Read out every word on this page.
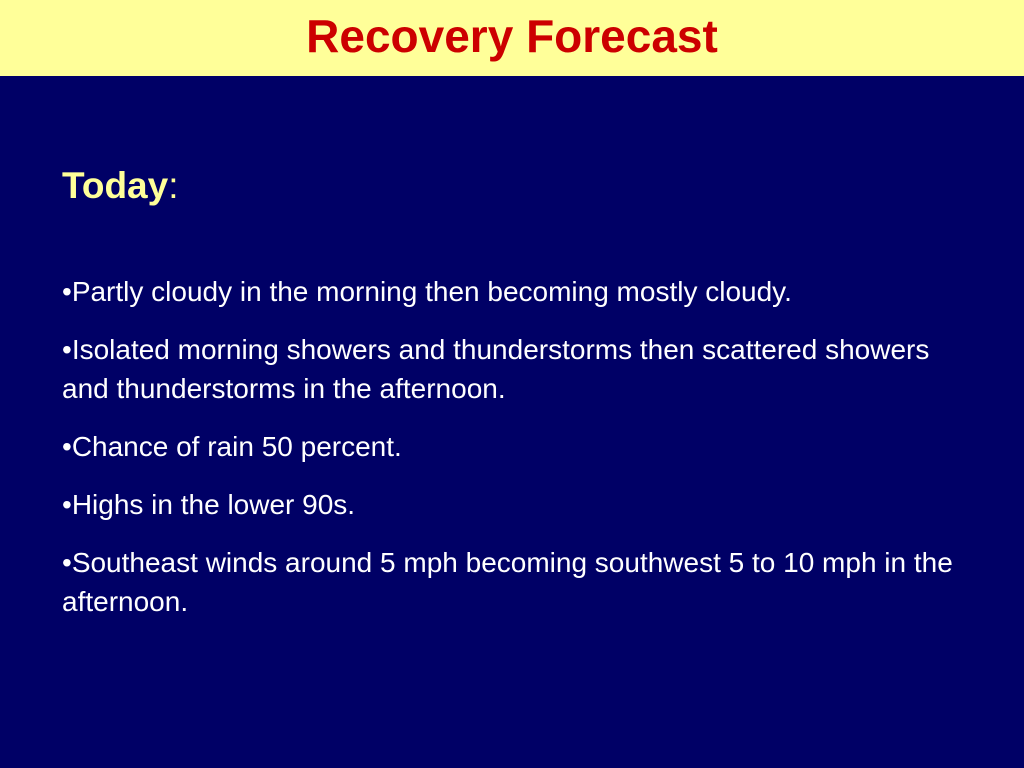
Recovery Forecast
Today:
•Partly cloudy in the morning then becoming mostly cloudy.
•Isolated morning showers and thunderstorms then scattered showers and thunderstorms in the afternoon.
•Chance of rain 50 percent.
•Highs in the lower 90s.
•Southeast winds around 5 mph becoming southwest 5 to 10 mph in the afternoon.
